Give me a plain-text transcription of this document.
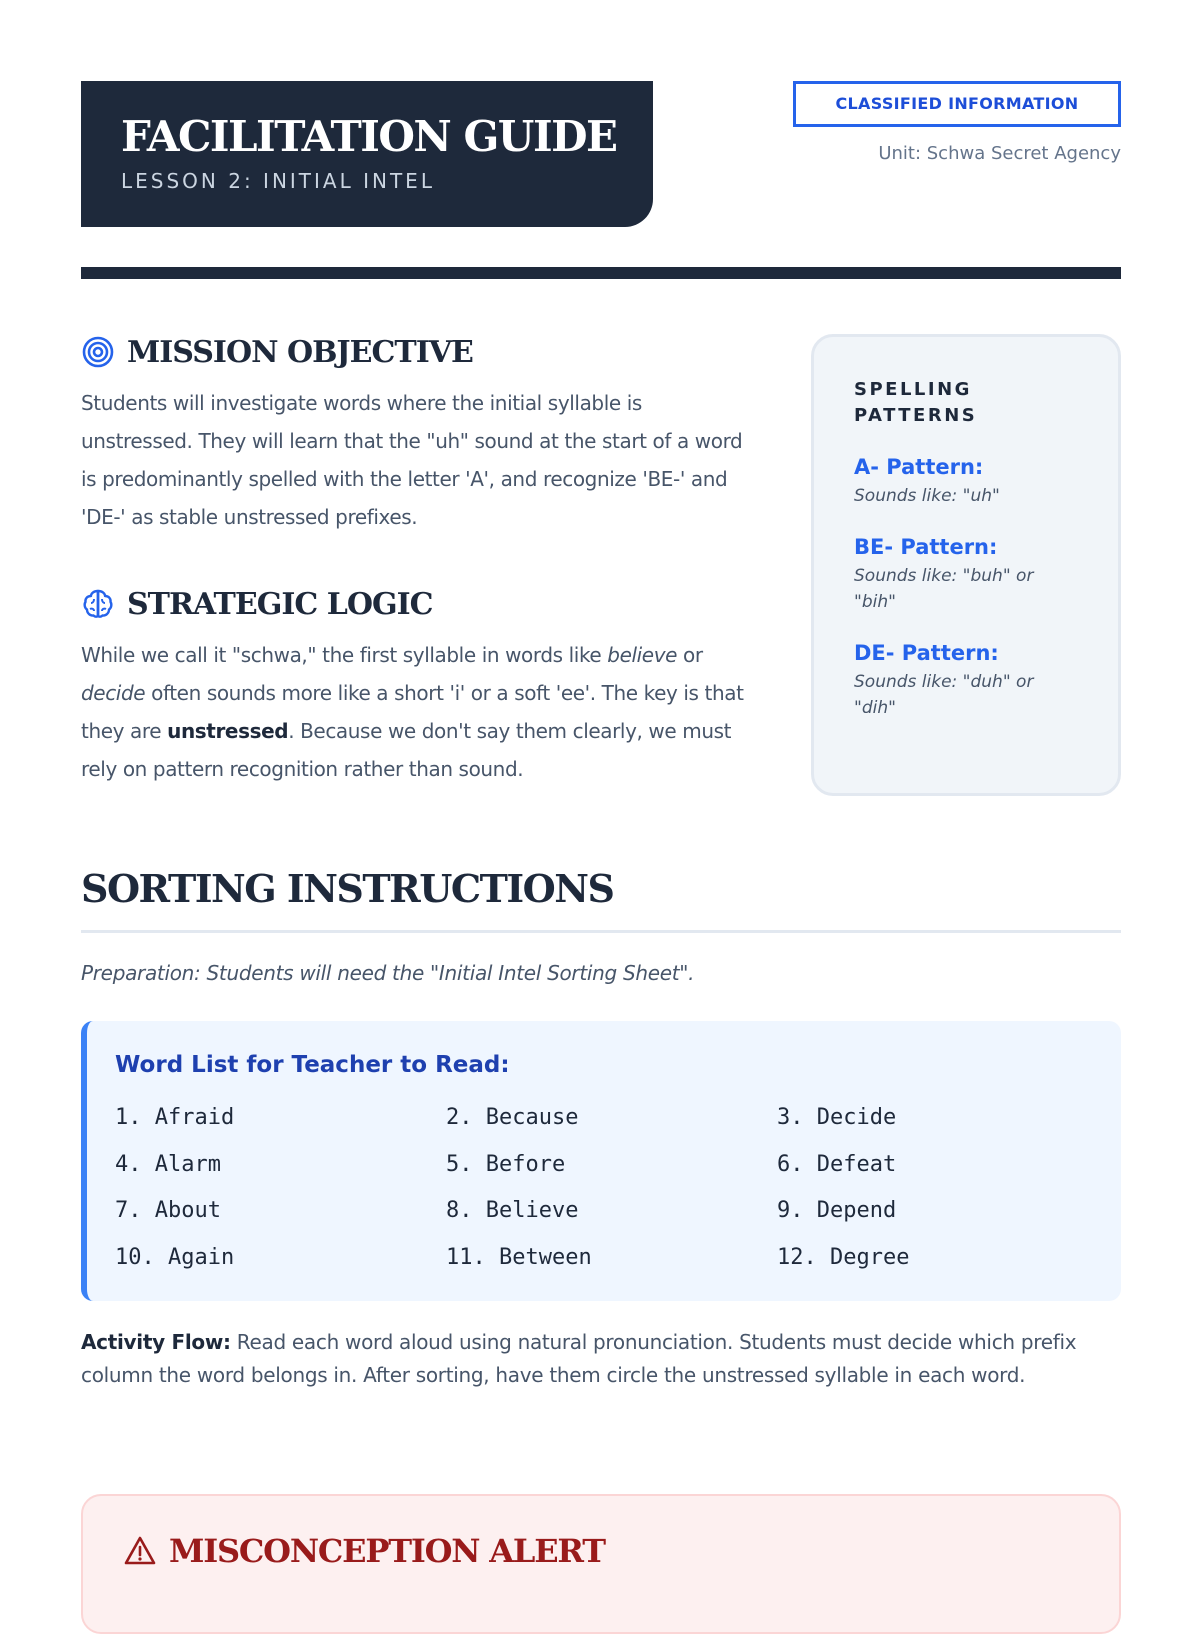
FACILITATION GUIDE
LESSON 2: INITIAL INTEL
CLASSIFIED INFORMATION
Unit: Schwa Secret Agency
MISSION OBJECTIVE
Students will investigate words where the initial syllable is unstressed. They will learn that the "uh" sound at the start of a word is predominantly spelled with the letter 'A', and recognize 'BE-' and 'DE-' as stable unstressed prefixes.
STRATEGIC LOGIC
While we call it "schwa," the first syllable in words like believe or decide often sounds more like a short 'i' or a soft 'ee'. The key is that they are unstressed. Because we don't say them clearly, we must rely on pattern recognition rather than sound.
SPELLING PATTERNS
A- Pattern:
Sounds like: "uh"
BE- Pattern:
Sounds like: "buh" or "bih"
DE- Pattern:
Sounds like: "duh" or "dih"
SORTING INSTRUCTIONS
Preparation: Students will need the "Initial Intel Sorting Sheet".
Word List for Teacher to Read:
1. Afraid	2. Because	3. Decide
4. Alarm	5. Before	6. Defeat
7. About	8. Believe	9. Depend
10. Again	11. Between	12. Degree
Activity Flow: Read each word aloud using natural pronunciation. Students must decide which prefix column the word belongs in. After sorting, have them circle the unstressed syllable in each word.
MISCONCEPTION ALERT
